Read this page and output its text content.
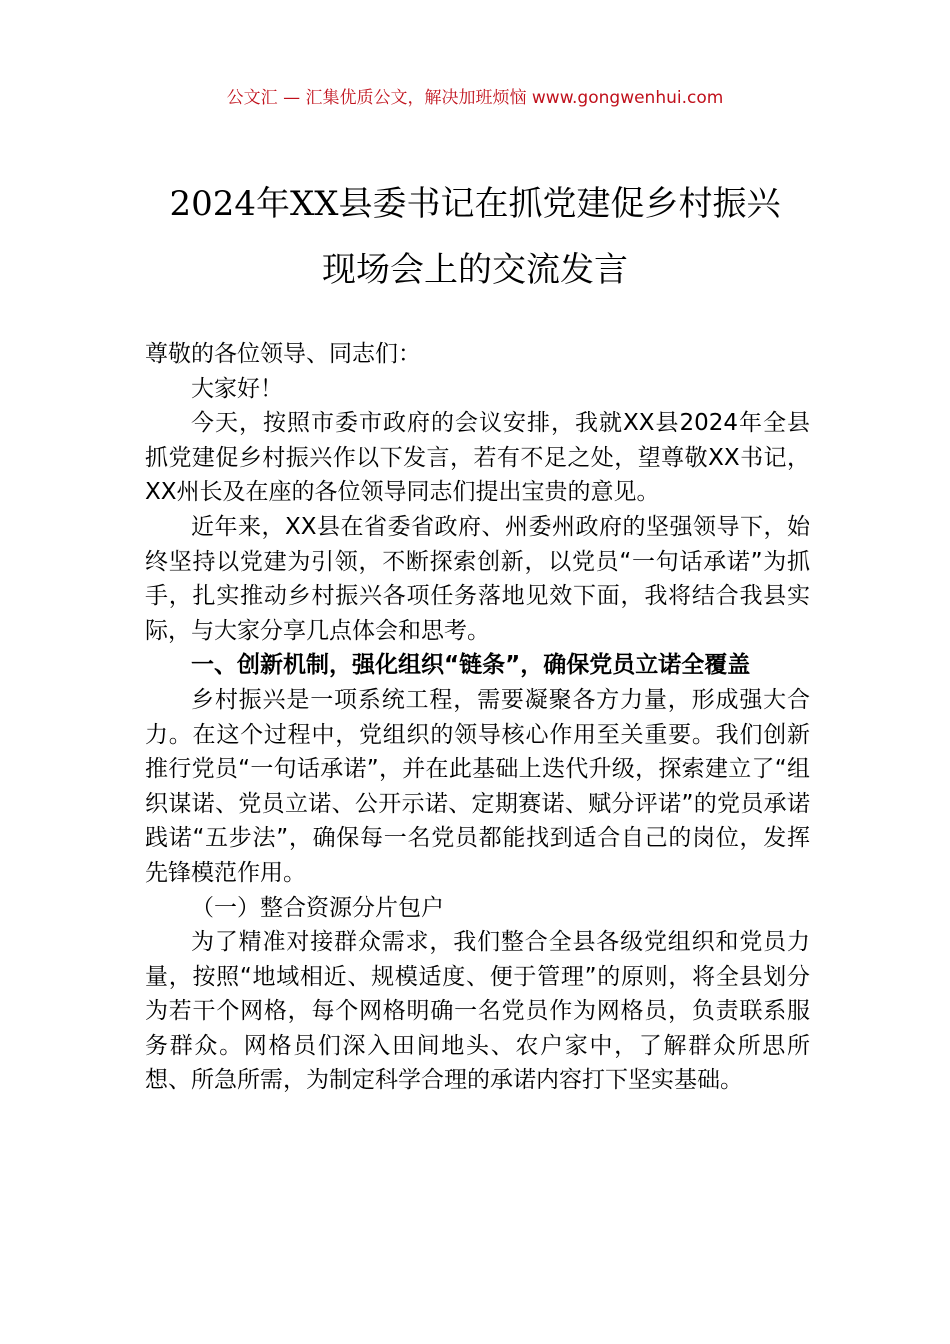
公文汇 — 汇集优质公文，解决加班烦恼 www.gongwenhui.com
2024年XX县委书记在抓党建促乡村振兴
现场会上的交流发言

尊敬的各位领导、同志们：

大家好！

今天，按照市委市政府的会议安排，我就XX县2024年全县抓党建促乡村振兴作以下发言，若有不足之处，望尊敬XX书记，XX州长及在座的各位领导同志们提出宝贵的意见。

近年来，XX县在省委省政府、州委州政府的坚强领导下，始终坚持以党建为引领，不断探索创新，以党员“一句话承诺”为抓手，扎实推动乡村振兴各项任务落地见效下面，我将结合我县实际，与大家分享几点体会和思考。

一、创新机制，强化组织“链条”，确保党员立诺全覆盖

乡村振兴是一项系统工程，需要凝聚各方力量，形成强大合力。在这个过程中，党组织的领导核心作用至关重要。我们创新推行党员“一句话承诺”，并在此基础上迭代升级，探索建立了“组织谋诺、党员立诺、公开示诺、定期赛诺、赋分评诺”的党员承诺践诺“五步法”，确保每一名党员都能找到适合自己的岗位，发挥先锋模范作用。

（一）整合资源分片包户

为了精准对接群众需求，我们整合全县各级党组织和党员力量，按照“地域相近、规模适度、便于管理”的原则，将全县划分为若干个网格，每个网格明确一名党员作为网格员，负责联系服务群众。网格员们深入田间地头、农户家中，了解群众所思所想、所急所需，为制定科学合理的承诺内容打下坚实基础。
